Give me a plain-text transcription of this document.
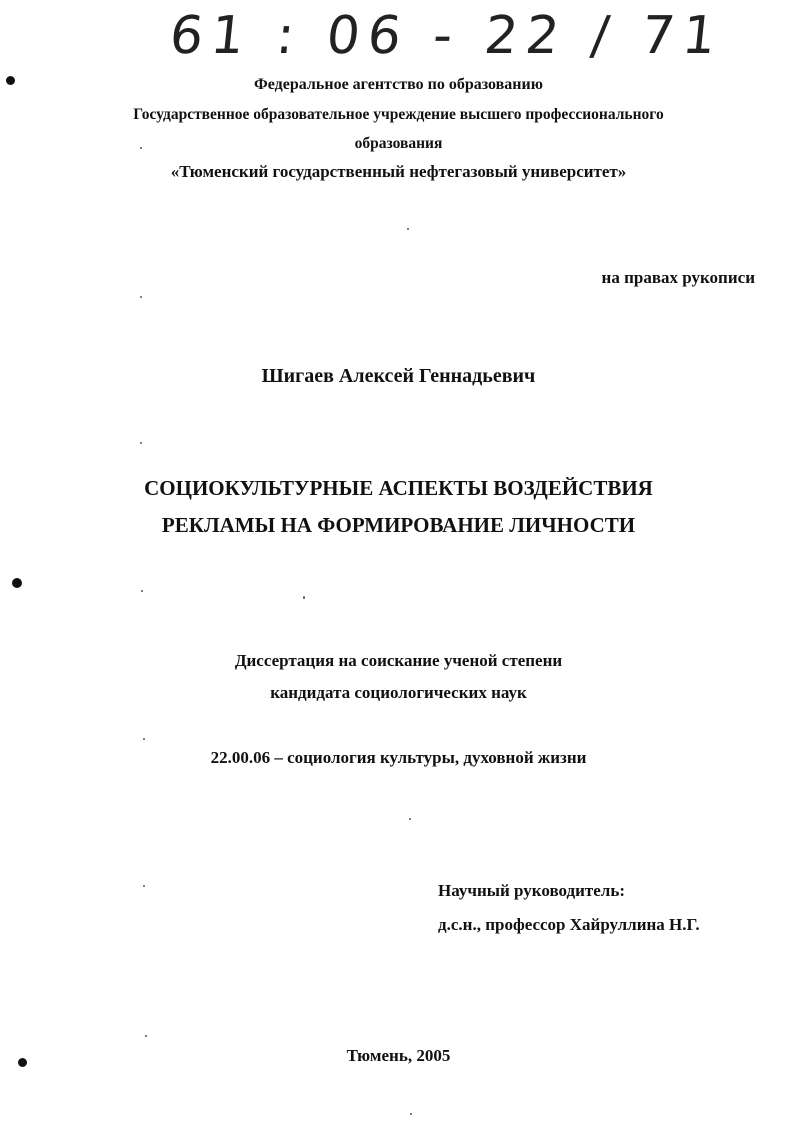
61 : 06 - 22 / 71
Федеральное агентство по образованию
Государственное образовательное учреждение высшего профессионального
образования
«Тюменский государственный нефтегазовый университет»
на правах рукописи
Шигаев Алексей Геннадьевич
СОЦИОКУЛЬТУРНЫЕ АСПЕКТЫ ВОЗДЕЙСТВИЯ
РЕКЛАМЫ НА ФОРМИРОВАНИЕ ЛИЧНОСТИ
Диссертация на соискание ученой степени
кандидата социологических наук
22.00.06 – социология культуры, духовной жизни
Научный руководитель:
д.с.н., профессор Хайруллина Н.Г.
Тюмень, 2005
